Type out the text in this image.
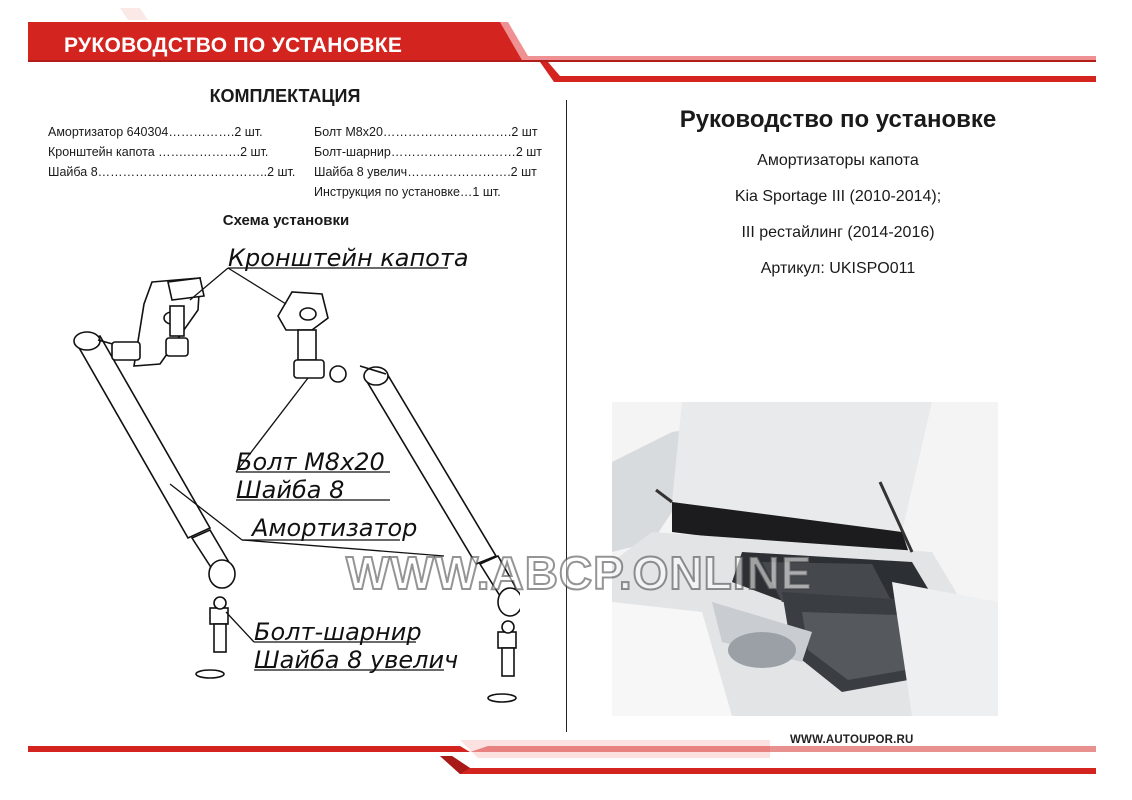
РУКОВОДСТВО ПО УСТАНОВКЕ
КОМПЛЕКТАЦИЯ
Амортизатор 640304…………….2 шт.
Кронштейн капота …….………….2 шт.
Шайба 8…………………………………..2 шт.
Болт М8х20………………………….2 шт
Болт-шарнир…………………………2 шт
Шайба 8 увелич…………………….2 шт
Инструкция по установке…1 шт.
Схема установки
Кронштейн капота
Болт М8х20
Шайба 8
Амортизатор
Болт-шарнир
Шайба 8 увелич
Руководство по установке
Амортизаторы капота
Kia Sportage III (2010-2014);
III рестайлинг (2014-2016)
Артикул: UKISPO011
WWW.ABCP.ONLINE
WWW.AUTOUPOR.RU
